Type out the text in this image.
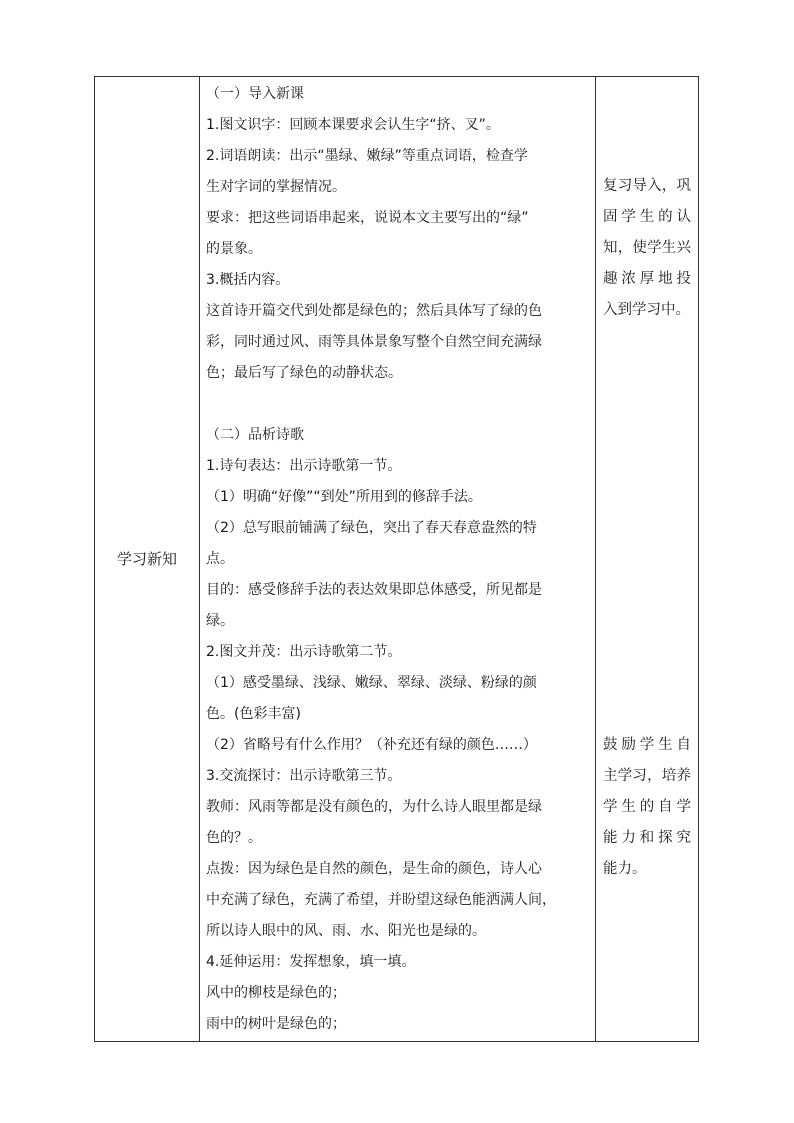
学习新知

（一）导入新课

1.图文识字：回顾本课要求会认生字“挤、叉”。

2.词语朗读：出示“墨绿、嫩绿”等重点词语，检查学

生对字词的掌握情况。

要求：把这些词语串起来，说说本文主要写出的“绿”

的景象。

3.概括内容。

这首诗开篇交代到处都是绿色的；然后具体写了绿的色

彩，同时通过风、雨等具体景象写整个自然空间充满绿

色；最后写了绿色的动静状态。

（二）品析诗歌

1.诗句表达：出示诗歌第一节。

（1）明确“好像”“到处”所用到的修辞手法。

（2）总写眼前铺满了绿色，突出了春天春意盎然的特

点。

目的：感受修辞手法的表达效果即总体感受，所见都是

绿。

2.图文并茂：出示诗歌第二节。

（1）感受墨绿、浅绿、嫩绿、翠绿、淡绿、粉绿的颜

色。(色彩丰富)

（2）省略号有什么作用？（补充还有绿的颜色……）

3.交流探讨：出示诗歌第三节。

教师：风雨等都是没有颜色的，为什么诗人眼里都是绿

色的？。

点拨：因为绿色是自然的颜色，是生命的颜色，诗人心

中充满了绿色，充满了希望，并盼望这绿色能洒满人间，

所以诗人眼中的风、雨、水、阳光也是绿的。

4.延伸运用：发挥想象，填一填。

风中的柳枝是绿色的；

雨中的树叶是绿色的；

复习导入，巩

固学生的认

知，使学生兴

趣浓厚地投

入到学习中。

鼓励学生自

主学习，培养

学生的自学

能力和探究

能力。
